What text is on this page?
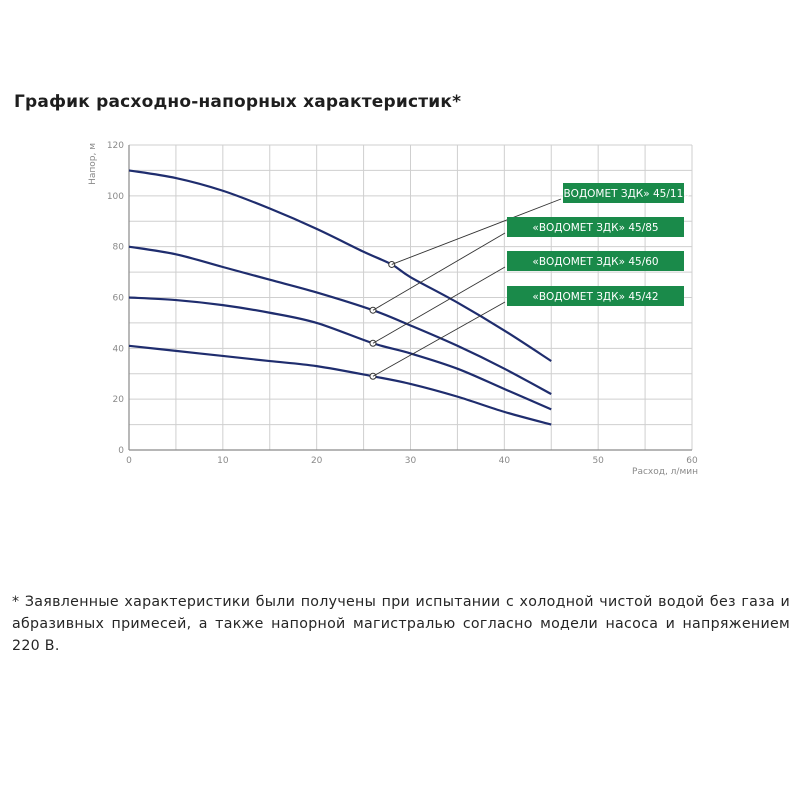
График расходно-напорных характеристик*
0	10	20	30	40	50	60
0
20
40
60
80
100
120
Расход, л/мин
Напор, м
«ВОДОМЕТ ЗДК» 45/110
«ВОДОМЕТ ЗДК» 45/85
«ВОДОМЕТ ЗДК» 45/60
«ВОДОМЕТ ЗДК» 45/42
* Заявленные характеристики были получены при испытании с холодной чистой водой без газа и абразивных примесей, а также напорной магистралью согласно модели насоса и напряжением 220 В.
